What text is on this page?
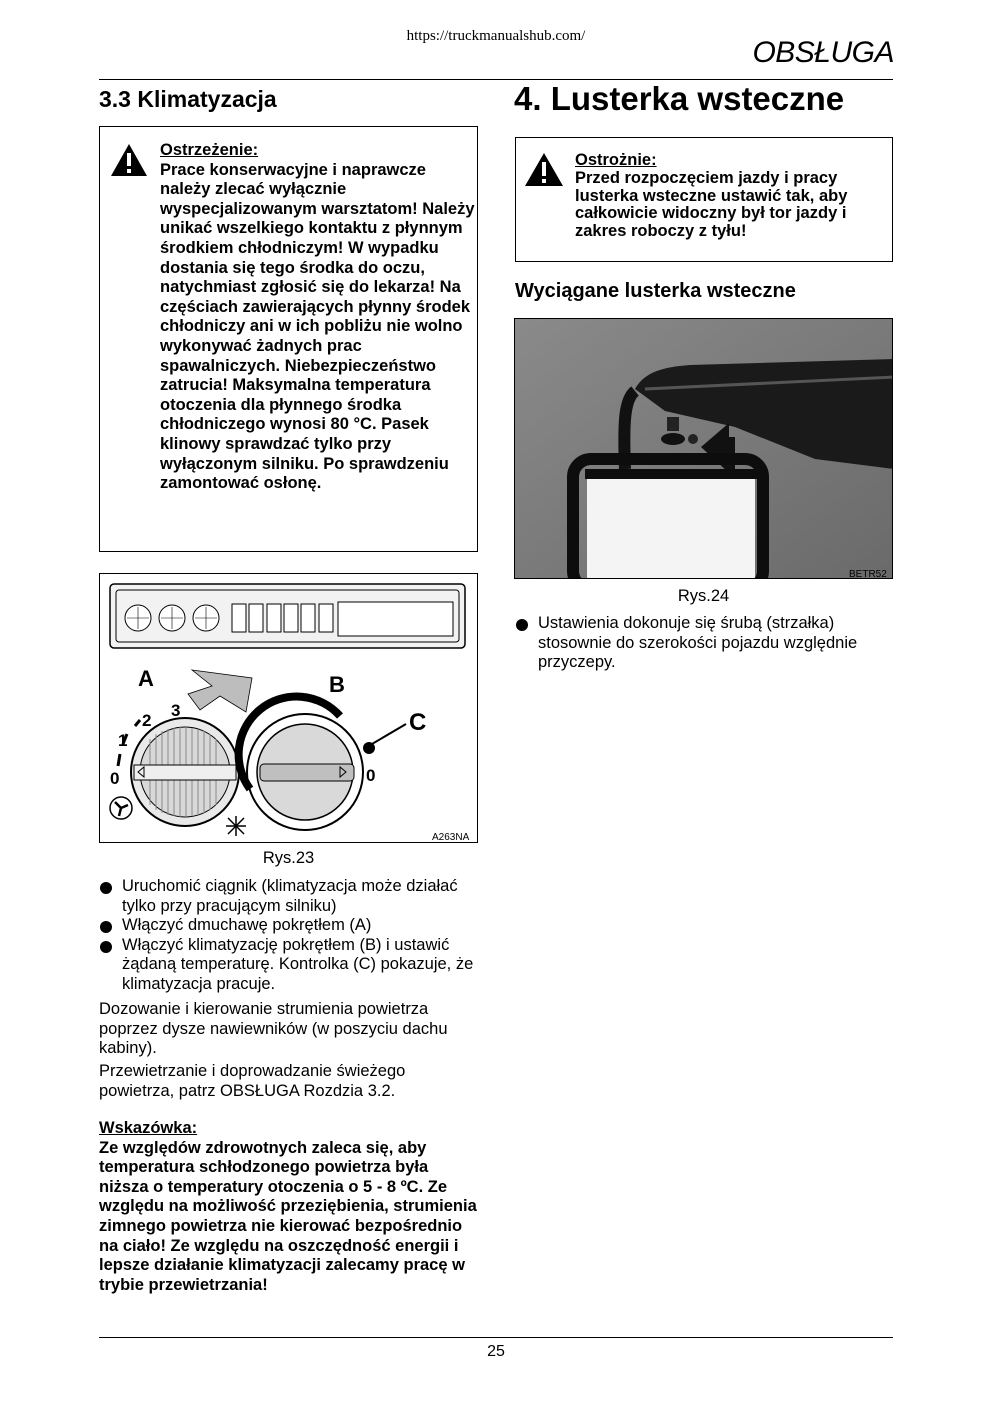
https://truckmanualshub.com/	OBSŁUGA
3.3 Klimatyzacja
Ostrzeżenie:
Prace konserwacyjne i naprawcze należy zlecać wyłącznie wyspecjalizowanym warsztatom! Należy unikać wszelkiego kontaktu z płynnym środkiem chłodniczym! W wypadku dostania się tego środka do oczu, natychmiast zgłosić się do lekarza! Na częściach zawierających płynny środek chłodniczy ani w ich pobliżu nie wolno wykonywać żadnych prac spawalniczych. Niebezpieczeństwo zatrucia! Maksymalna temperatura otoczenia dla płynnego środka chłodniczego wynosi 80 °C. Pasek klinowy sprawdzać tylko przy wyłączonym silniku. Po sprawdzeniu zamontować osłonę.
A	B
C
0
1
2
3
0
A263NA
Rys.23
Uruchomić ciągnik (klimatyzacja może działać tylko przy pracującym silniku)
Włączyć dmuchawę pokrętłem (A)
Włączyć klimatyzację pokrętłem (B) i ustawić żądaną temperaturę. Kontrolka (C) pokazuje, że klimatyzacja pracuje.
Dozowanie i kierowanie strumienia powietrza poprzez dysze nawiewników (w poszyciu dachu kabiny).
Przewietrzanie i doprowadzanie świeżego powietrza, patrz OBSŁUGA Rozdzia 3.2.
Wskazówka:
Ze względów zdrowotnych zaleca się, aby temperatura schłodzonego powietrza była niższa o temperatury otoczenia o 5 - 8 ºC. Ze względu na możliwość przeziębienia, strumienia zimnego powietrza nie kierować bezpośrednio na ciało! Ze względu na oszczędność energii i lepsze działanie klimatyzacji zalecamy pracę w trybie przewietrzania!
4. Lusterka wsteczne
Ostrożnie:
Przed rozpoczęciem jazdy i pracy lusterka wsteczne ustawić tak, aby całkowicie widoczny był tor jazdy i zakres roboczy z tyłu!
Wyciągane lusterka wsteczne
BETR52
Rys.24
Ustawienia dokonuje się śrubą (strzałka) stosownie do szerokości pojazdu względnie przyczepy.
25
